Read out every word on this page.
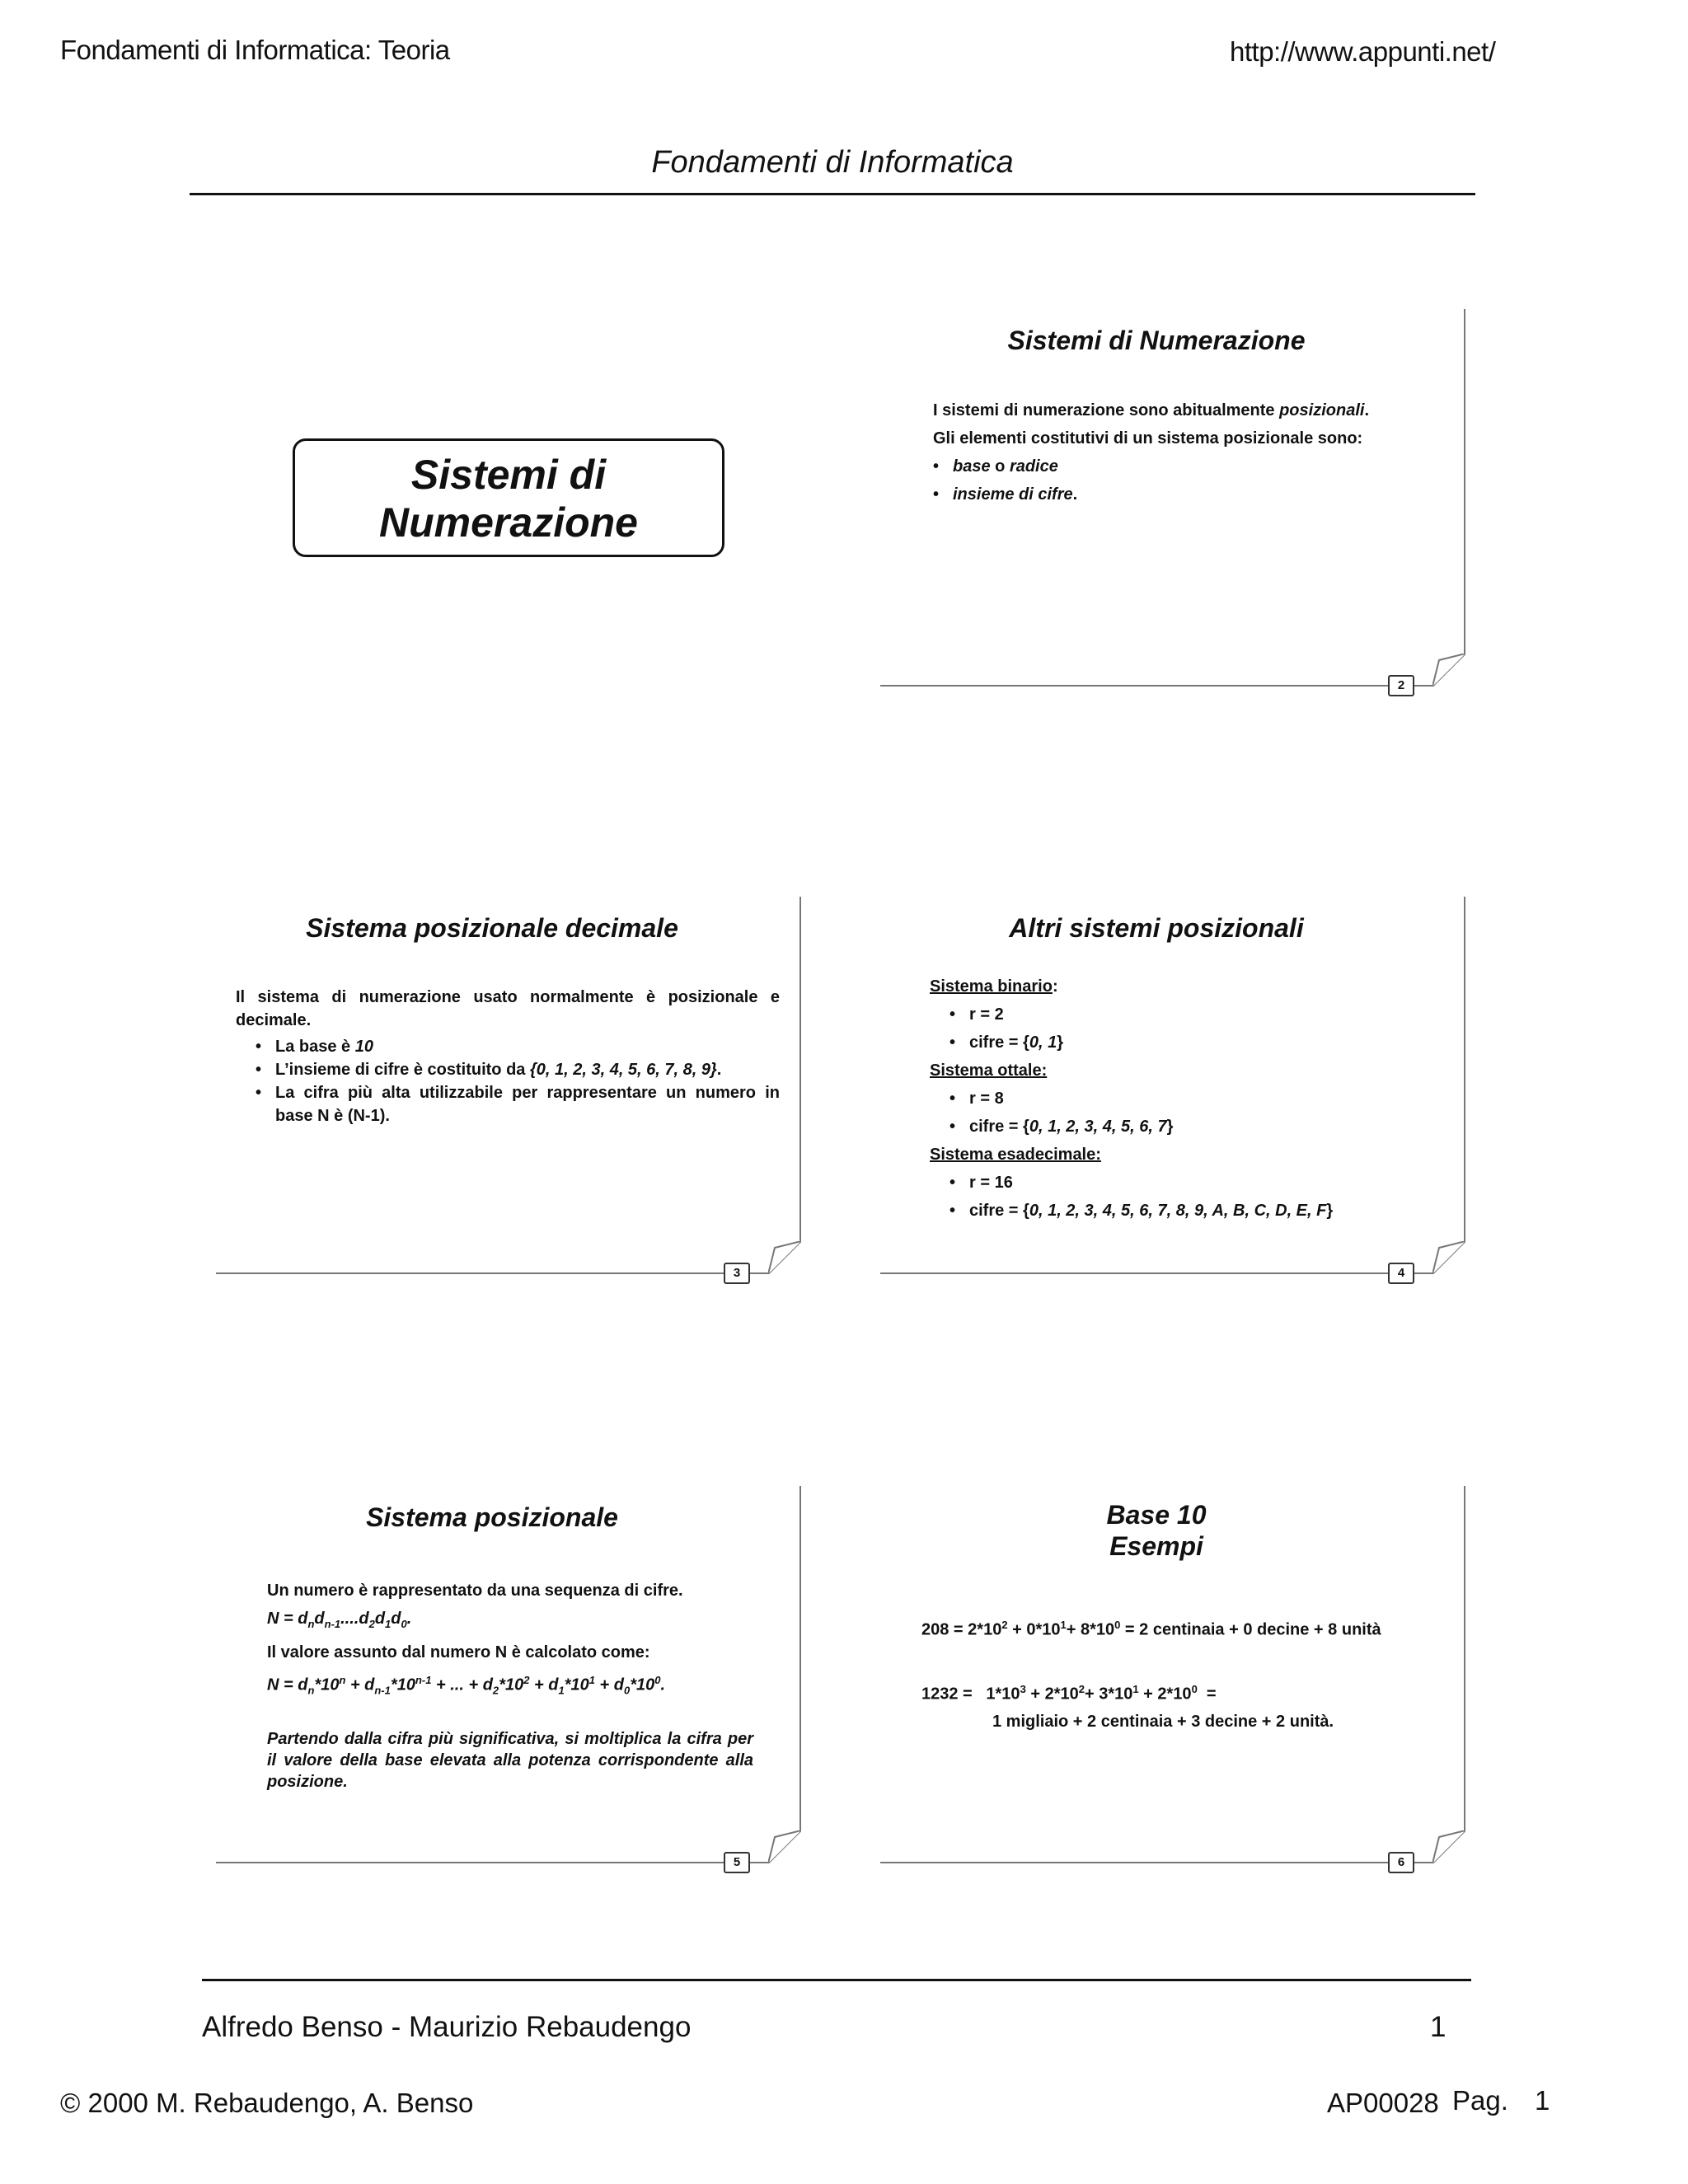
Fondamenti di Informatica: Teoria	http://www.appunti.net/
Fondamenti di Informatica
Sistemi di
Numerazione
2
Sistemi di Numerazione
I sistemi di numerazione sono abitualmente posizionali.
Gli elementi costitutivi di un sistema posizionale sono:
• base o radice
• insieme di cifre.
3
Sistema posizionale decimale
Il sistema di numerazione usato normalmente è posizionale e decimale.
• La base è 10
• L’insieme di cifre è costituito da {0, 1, 2, 3, 4, 5, 6, 7, 8, 9}.
• La cifra più alta utilizzabile per rappresentare un numero in base N è (N-1).
4
Altri sistemi posizionali
Sistema binario:
• r = 2
• cifre = {0, 1}
Sistema ottale:
• r = 8
• cifre = {0, 1, 2, 3, 4, 5, 6, 7}
Sistema esadecimale:
• r = 16
• cifre = {0, 1, 2, 3, 4, 5, 6, 7, 8, 9, A, B, C, D, E, F}
5
Sistema posizionale
Un numero è rappresentato da una sequenza di cifre.
$N = d_nd_{n-1}....d_2d_1d_0$.
Il valore assunto dal numero N è calcolato come:
$N = d_n*10^n + d_{n-1}*10^{n-1}$ + ... + $d_2*10^2 + d_1*10^1 + d_0*10^0$.
Partendo dalla cifra più significativa, si moltiplica la cifra per il valore della base elevata alla potenza corrispondente alla posizione.
6
Base 10
Esempi
$208 = 2*10^2 + 0*10^1+ 8*10^0 = 2$ centinaia + 0 decine + 8 unità
$1232 = 1*10^3 + 2*10^2+ 3*10^1 + 2*10^0$  =
1 migliaio + 2 centinaia + 3 decine + 2 unità.
Alfredo Benso - Maurizio Rebaudengo	1
© 2000 M. Rebaudengo, A. Benso	AP00028 Pag. 1
